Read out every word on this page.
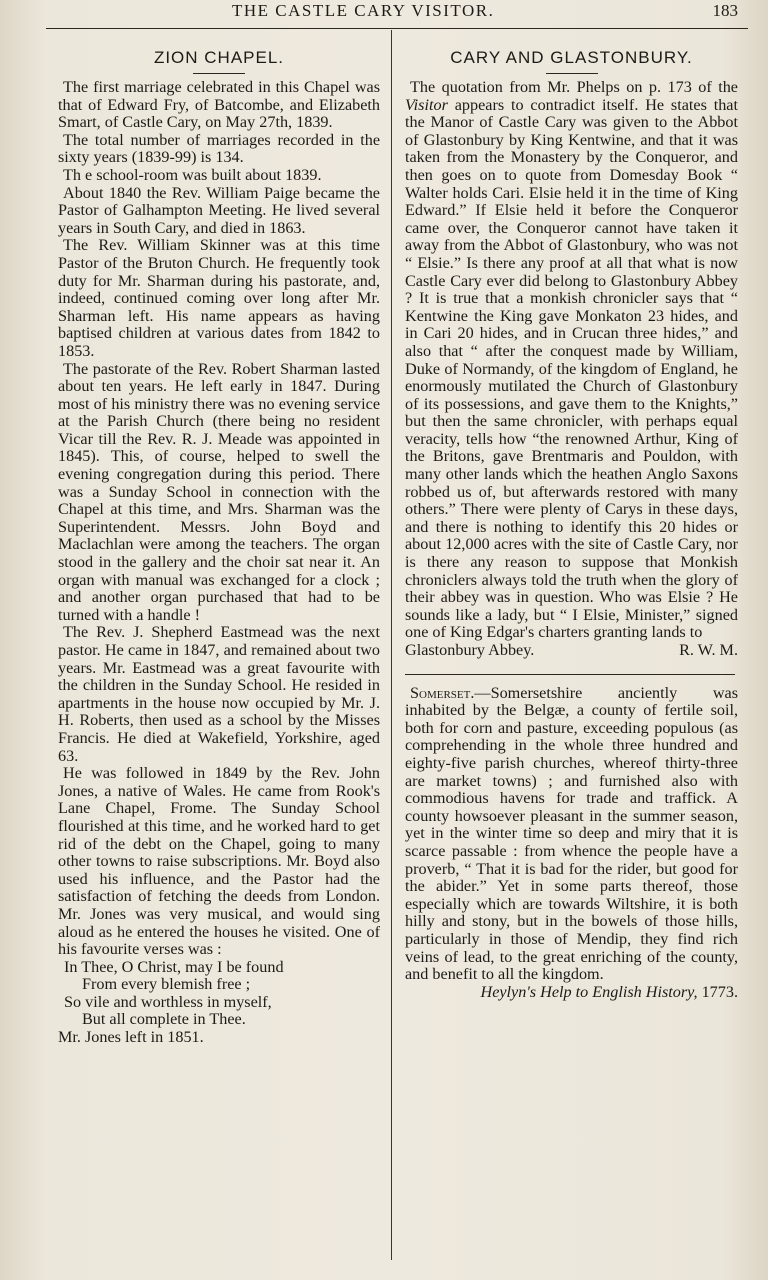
THE CASTLE CARY VISITOR.	183
ZION CHAPEL.

The first marriage celebrated in this Chapel was that of Edward Fry, of Batcombe, and Elizabeth Smart, of Castle Cary, on May 27th, 1839.

The total number of marriages recorded in the sixty years (1839-99) is 134.

Th e school-room was built about 1839.

About 1840 the Rev. William Paige became the Pastor of Galhampton Meeting. He lived several years in South Cary, and died in 1863.

The Rev. William Skinner was at this time Pastor of the Bruton Church. He frequently took duty for Mr. Sharman during his pastorate, and, indeed, continued coming over long after Mr. Sharman left. His name appears as having baptised children at various dates from 1842 to 1853.

The pastorate of the Rev. Robert Sharman lasted about ten years. He left early in 1847. During most of his ministry there was no evening service at the Parish Church (there being no resident Vicar till the Rev. R. J. Meade was appointed in 1845). This, of course, helped to swell the evening congregation during this period. There was a Sunday School in connection with the Chapel at this time, and Mrs. Sharman was the Superintendent. Messrs. John Boyd and Maclachlan were among the teachers. The organ stood in the gallery and the choir sat near it. An organ with manual was exchanged for a clock ; and another organ purchased that had to be turned with a handle !

The Rev. J. Shepherd Eastmead was the next pastor. He came in 1847, and remained about two years. Mr. Eastmead was a great favourite with the children in the Sunday School. He resided in apartments in the house now occupied by Mr. J. H. Roberts, then used as a school by the Misses Francis. He died at Wakefield, Yorkshire, aged 63.

He was followed in 1849 by the Rev. John Jones, a native of Wales. He came from Rook's Lane Chapel, Frome. The Sunday School flourished at this time, and he worked hard to get rid of the debt on the Chapel, going to many other towns to raise subscriptions. Mr. Boyd also used his influence, and the Pastor had the satisfaction of fetching the deeds from London. Mr. Jones was very musical, and would sing aloud as he entered the houses he visited. One of his favourite verses was :

In Thee, O Christ, may I be found
From every blemish free ;
So vile and worthless in myself,
But all complete in Thee.

Mr. Jones left in 1851.

CARY AND GLASTONBURY.

The quotation from Mr. Phelps on p. 173 of the Visitor appears to contradict itself. He states that the Manor of Castle Cary was given to the Abbot of Glastonbury by King Kentwine, and that it was taken from the Monastery by the Conqueror, and then goes on to quote from Domesday Book “ Walter holds Cari. Elsie held it in the time of King Edward.” If Elsie held it before the Conqueror came over, the Conqueror cannot have taken it away from the Abbot of Glastonbury, who was not “ Elsie.” Is there any proof at all that what is now Castle Cary ever did belong to Glastonbury Abbey ? It is true that a monkish chronicler says that “ Kentwine the King gave Monkaton 23 hides, and in Cari 20 hides, and in Crucan three hides,” and also that “ after the conquest made by William, Duke of Normandy, of the kingdom of England, he enormously mutilated the Church of Glastonbury of its possessions, and gave them to the Knights,” but then the same chronicler, with perhaps equal veracity, tells how “the renowned Arthur, King of the Britons, gave Brentmaris and Pouldon, with many other lands which the heathen Anglo Saxons robbed us of, but afterwards restored with many others.” There were plenty of Carys in these days, and there is nothing to identify this 20 hides or about 12,000 acres with the site of Castle Cary, nor is there any reason to suppose that Monkish chroniclers always told the truth when the glory of their abbey was in question. Who was Elsie ? He sounds like a lady, but “ I Elsie, Minister,” signed one of King Edgar's charters granting lands to

Glastonbury Abbey.	R. W. M.

Somerset.—Somersetshire anciently was inhabited by the Belgæ, a county of fertile soil, both for corn and pasture, exceeding populous (as comprehending in the whole three hundred and eighty-five parish churches, whereof thirty-three are market towns) ; and furnished also with commodious havens for trade and traffick. A county howsoever pleasant in the summer season, yet in the winter time so deep and miry that it is scarce passable : from whence the people have a proverb, “ That it is bad for the rider, but good for the abider.” Yet in some parts thereof, those especially which are towards Wiltshire, it is both hilly and stony, but in the bowels of those hills, particularly in those of Mendip, they find rich veins of lead, to the great enriching of the county, and benefit to all the kingdom.

Heylyn's Help to English History, 1773.
